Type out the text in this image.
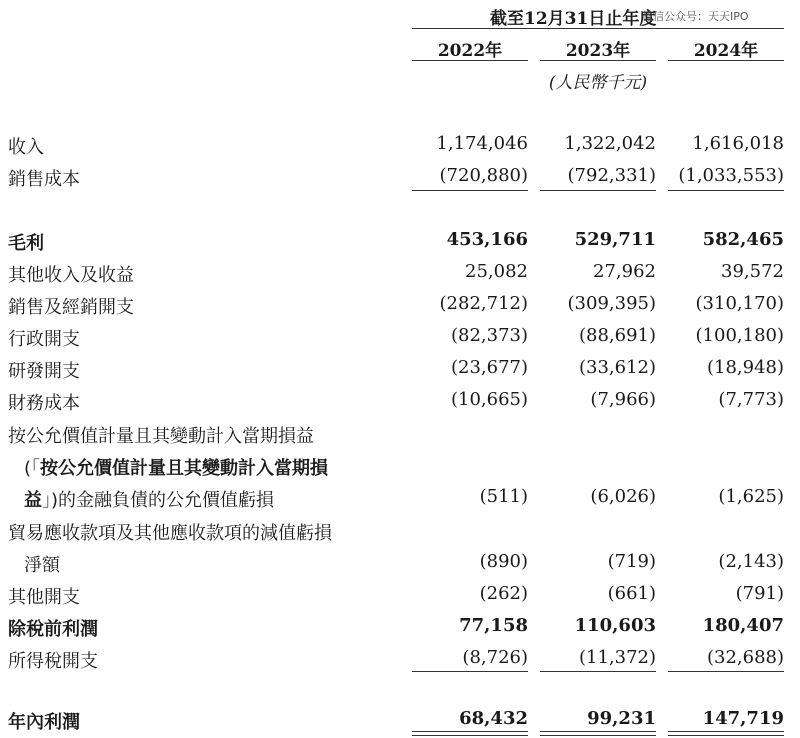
截至12月31日止年度
微信公众号：天天IPO
2022年	2023年	2024年
(人民幣千元)
收入	1,174,046	1,322,042	1,616,018
銷售成本	(720,880)	(792,331)	(1,033,553)
毛利	453,166	529,711	582,465
其他收入及收益	25,082	27,962	39,572
銷售及經銷開支	(282,712)	(309,395)	(310,170)
行政開支	(82,373)	(88,691)	(100,180)
研發開支	(23,677)	(33,612)	(18,948)
財務成本	(10,665)	(7,966)	(7,773)
按公允價值計量且其變動計入當期損益
(「按公允價值計量且其變動計入當期損
益」)的金融負債的公允價值虧損	(511)	(6,026)	(1,625)
貿易應收款項及其他應收款項的減值虧損
淨額	(890)	(719)	(2,143)
其他開支	(262)	(661)	(791)
除稅前利潤	77,158	110,603	180,407
所得稅開支	(8,726)	(11,372)	(32,688)
年內利潤	68,432	99,231	147,719
